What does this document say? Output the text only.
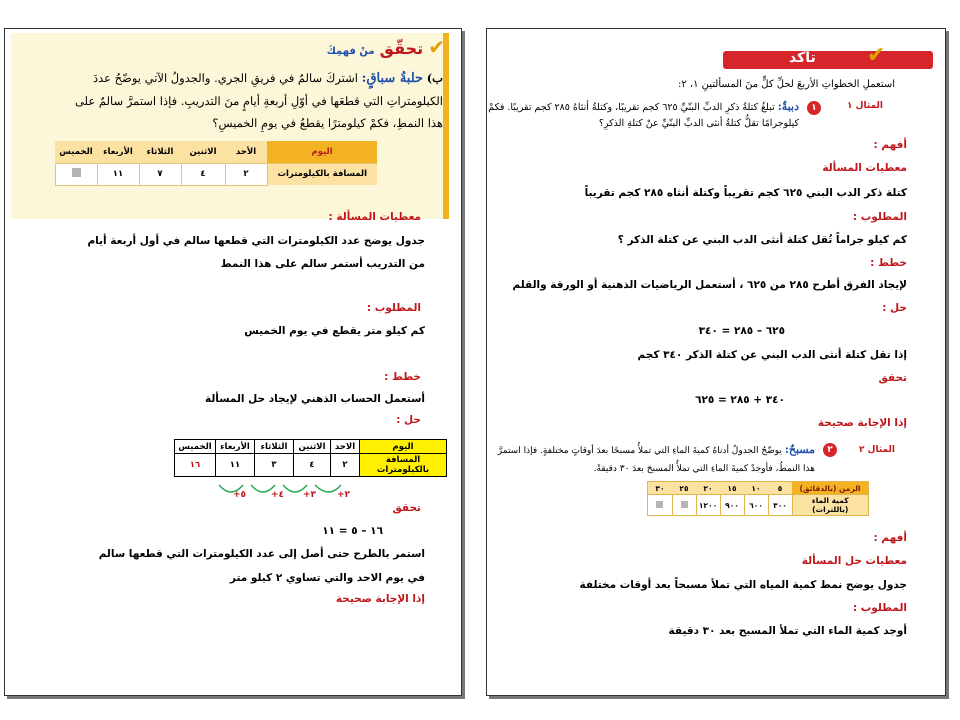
✔ تحقّق منْ فهمِكَ
ب) حلبةُ سباقٍ: اشتركَ سالمٌ في فريقِ الجري. والجدولُ الآتي يوضّحُ عددَ
الكيلومتراتِ التي قطعَها في أوّلِ أربعةِ أيامٍ منَ التدريبِ. فإذا استمرَّ سالمٌ على
هذا النمطِ، فكمْ كيلومترًا يقطعُ في يومِ الخميسِ؟
اليوم	الأحد	الاثنين	الثلاثاء	الأربعاء	الخميس
المسافة بالكيلومترات	٢	٤	٧	١١	
معطيات المسألة :
جدول يوضح عدد الكيلومترات التي قطعها سالم في أول أربعة أيام
من التدريب أستمر سالم على هذا النمط
المطلوب :
كم كيلو متر يقطع في يوم الخميس
خطط :
أستعمل الحساب الذهني لإيجاد حل المسألة
حل :
اليوم	الاحد	الاثنين	الثلاثاء	الأربعاء	الخميس
المسافة بالكيلومترات	٢	٤	٣	١١	١٦
+٢
+٣
+٤
+٥
تحقق
١٦ – ٥ = ١١
استمر بالطرح حتى أصل إلى عدد الكيلومترات التي قطعها سالم
في يوم الاحد والتي تساوي ٢ كيلو متر
إذا الإجابة صحيحة
تأكد ✔
استعملِ الخطواتِ الأربعَ لحلِّ كلٍّ منَ المسألتينِ ١، ٢:
المثال ١
١
دببةٌ: تبلغُ كتلةُ ذكرِ الدبِّ البنّيِّ ٦٢٥ كجم تقريبًا، وكتلةُ أنثاهُ ٢٨٥ كجم تقريبًا. فكمْ
كيلوجرامًا تقلُّ كتلةُ أنثى الدبِّ البنّيِّ عنْ كتلةِ الذكرِ؟
أفهم :
معطيات المسألة
كتلة ذكر الدب البني ٦٢٥ كجم تقريباً وكتلة أنثاه ٢٨٥ كجم تقريباً
المطلوب :
كم كيلو جراماً تُقل كتلة أنثى الدب البني عن كتلة الذكر ؟
خطط :
لإيجاد الفرق أطرح ٢٨٥ من ٦٢٥ ، أستعمل الرياضيات الذهنية أو الورقة والقلم
حل :
٦٢٥ – ٢٨٥ = ٣٤٠
إذا تقل كتلة أنثى الدب البني عن كتلة الذكر ٣٤٠ كجم
تحقق
٣٤٠ + ٢٨٥ = ٦٢٥
إذا الإجابة صحيحة
المثال ٢
٢
مسبحٌ: يوضّحُ الجدولُ أدناهُ كميةَ الماءِ التي تملأُ مسبحًا بعدَ أوقاتٍ مختلفةٍ. فإذا استمرَّ
هذا النمطُ، فأوجدْ كميةَ الماءِ التي تملأُ المسبحَ بعدَ ٣٠ دقيقةً.
الزمن (بالدقائق)	٥	١٠	١٥	٢٠	٢٥	٣٠
كمية الماء (باللترات)	٣٠٠	٦٠٠	٩٠٠	١٢٠٠		
أفهم :
معطيات حل المسألة
جدول يوضح نمط كمية المياه التي تملأ مسبحاً بعد أوقات مختلفة
المطلوب :
أوجد كمية الماء التي تملأ المسبح بعد ٣٠ دقيقة
